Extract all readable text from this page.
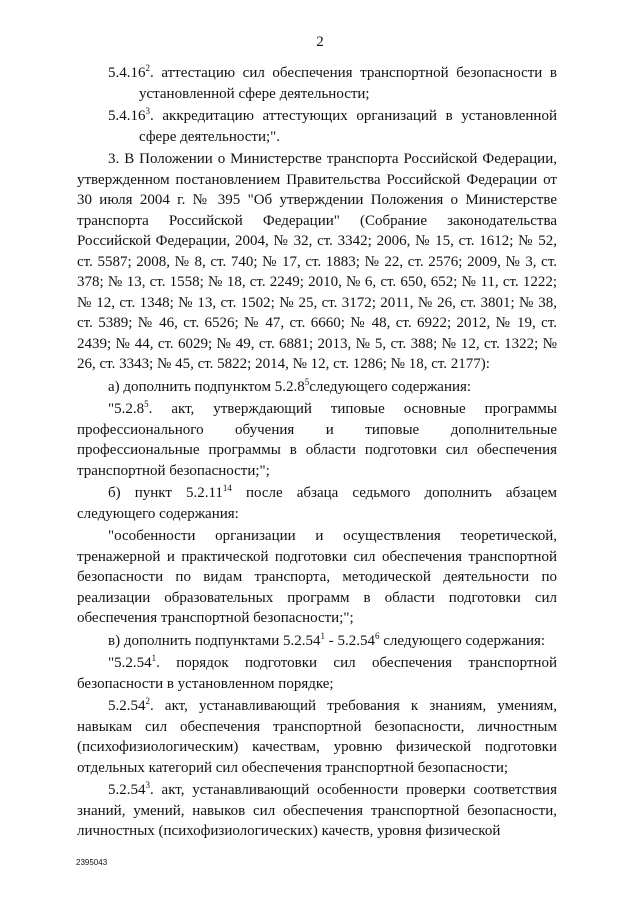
2

5.4.16$^2$. аттестацию сил обеспечения транспортной безопасности в установленной сфере деятельности;

5.4.16$^3$. аккредитацию аттестующих организаций в установленной сфере деятельности;".

3. В Положении о Министерстве транспорта Российской Федерации, утвержденном постановлением Правительства Российской Федерации от 30 июля 2004 г. № 395 "Об утверждении Положения о Министерстве транспорта Российской Федерации" (Собрание законодательства Российской Федерации, 2004, № 32, ст. 3342; 2006, № 15, ст. 1612; № 52, ст. 5587; 2008, № 8, ст. 740; № 17, ст. 1883; № 22, ст. 2576; 2009, № 3, ст. 378; № 13, ст. 1558; № 18, ст. 2249; 2010, № 6, ст. 650, 652; № 11, ст. 1222; № 12, ст. 1348; № 13, ст. 1502; № 25, ст. 3172; 2011, № 26, ст. 3801; № 38, ст. 5389; № 46, ст. 6526; № 47, ст. 6660; № 48, ст. 6922; 2012, № 19, ст. 2439; № 44, ст. 6029; № 49, ст. 6881; 2013, № 5, ст. 388; № 12, ст. 1322; № 26, ст. 3343; № 45, ст. 5822; 2014, № 12, ст. 1286; № 18, ст. 2177):

а) дополнить подпунктом 5.2.8$^5$следующего содержания:

"5.2.8$^5$. акт, утверждающий типовые основные программы профессионального обучения и типовые дополнительные профессиональные программы в области подготовки сил обеспечения транспортной безопасности;";

б) пункт 5.2.11$^{14}$ после абзаца седьмого дополнить абзацем следующего содержания:

"особенности организации и осуществления теоретической, тренажерной и практической подготовки сил обеспечения транспортной безопасности по видам транспорта, методической деятельности по реализации образовательных программ в области подготовки сил обеспечения транспортной безопасности;";

в) дополнить подпунктами 5.2.54$^1$ - 5.2.54$^6$ следующего содержания:

"5.2.54$^1$. порядок подготовки сил обеспечения транспортной безопасности в установленном порядке;

5.2.54$^2$. акт, устанавливающий требования к знаниям, умениям, навыкам сил обеспечения транспортной безопасности, личностным (психофизиологическим) качествам, уровню физической подготовки отдельных категорий сил обеспечения транспортной безопасности;

5.2.54$^3$. акт, устанавливающий особенности проверки соответствия знаний, умений, навыков сил обеспечения транспортной безопасности, личностных (психофизиологических) качеств, уровня физической

2395043
